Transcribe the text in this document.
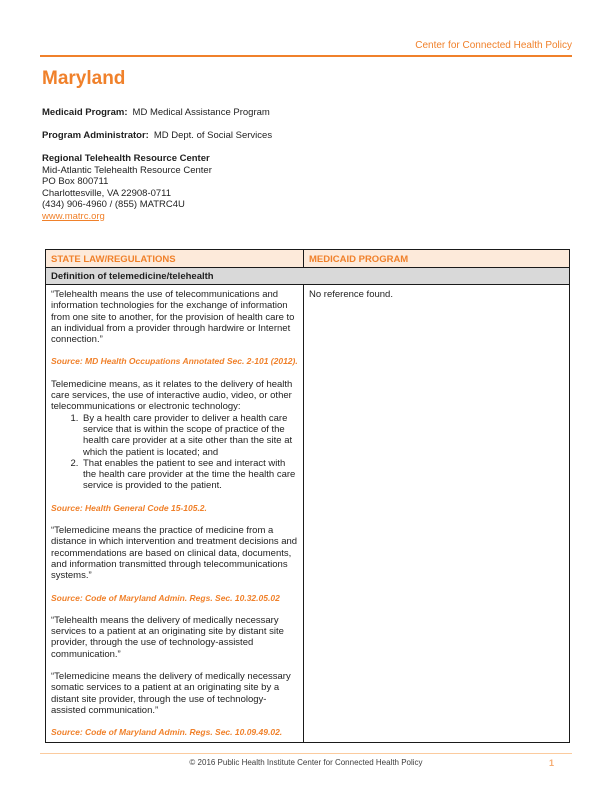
Center for Connected Health Policy
Maryland
Medicaid Program: MD Medical Assistance Program
Program Administrator: MD Dept. of Social Services
Regional Telehealth Resource Center
Mid-Atlantic Telehealth Resource Center
PO Box 800711
Charlottesville, VA 22908-0711
(434) 906-4960 / (855) MATRC4U
www.matrc.org
STATE LAW/REGULATIONS	MEDICAID PROGRAM
Definition of telemedicine/telehealth

“Telehealth means the use of telecommunications and information technologies for the exchange of information from one site to another, for the provision of health care to an individual from a provider through hardwire or Internet connection.”

Source: MD Health Occupations Annotated Sec. 2-101 (2012).

Telemedicine means, as it relates to the delivery of health care services, the use of interactive audio, video, or other telecommunications or electronic technology:

1. By a health care provider to deliver a health care service that is within the scope of practice of the health care provider at a site other than the site at which the patient is located; and
2. That enables the patient to see and interact with the health care provider at the time the health care service is provided to the patient.

Source: Health General Code 15-105.2.

“Telemedicine means the practice of medicine from a distance in which intervention and treatment decisions and recommendations are based on clinical data, documents, and information transmitted through telecommunications systems.”

Source: Code of Maryland Admin. Regs. Sec. 10.32.05.02

“Telehealth means the delivery of medically necessary services to a patient at an originating site by distant site provider, through the use of technology-assisted communication.”

“Telemedicine means the delivery of medically necessary somatic services to a patient at an originating site by a distant site provider, through the use of technology-assisted communication.”

Source: Code of Maryland Admin. Regs. Sec. 10.09.49.02.

No reference found.
© 2016 Public Health Institute Center for Connected Health Policy	1
